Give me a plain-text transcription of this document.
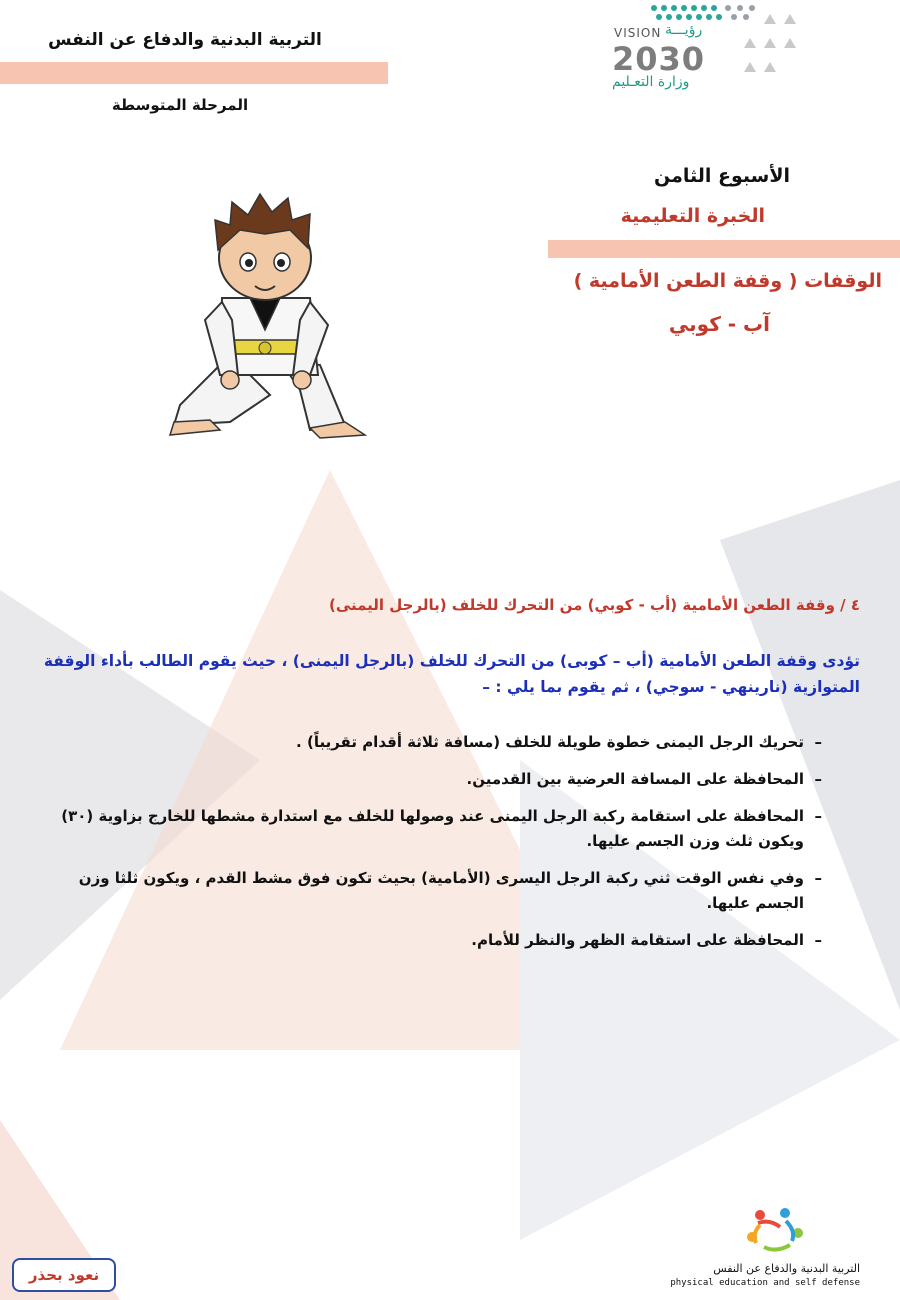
التربية البدنية والدفاع عن النفس
المرحلة المتوسطة
VISION رؤيـــة
2030
وزارة التعـليم
الأسبوع الثامن
الخبرة التعليمية
الوقفات ( وقفة الطعن الأمامية )
آب - كوبي
٤ / وقفة الطعن الأمامية (أب - كوبي) من التحرك للخلف (بالرجل اليمنى)
تؤدى وقفة الطعن الأمامية (أب – كوبى) من التحرك للخلف (بالرجل اليمنى) ، حيث يقوم الطالب بأداء الوقفة المتوازية (نارينهي - سوجي) ، ثم يقوم بما يلي : –
–
تحريك الرجل اليمنى خطوة طويلة للخلف (مسافة ثلاثة أقدام تقريباً) .
–
المحافظة على المسافة العرضية بين القدمين.
–
المحافظة على استقامة ركبة الرجل اليمنى عند وصولها للخلف مع استدارة مشطها للخارج بزاوية (٣٠) ويكون ثلث وزن الجسم عليها.
–
وفي نفس الوقت ثني ركبة الرجل اليسرى (الأمامية) بحيث تكون فوق مشط القدم ، ويكون ثلثا وزن الجسم عليها.
–
المحافظة على استقامة الظهر والنظر للأمام.
التربية البدنية والدفاع عن النفس
physical education and self defense
نعود بحذر
